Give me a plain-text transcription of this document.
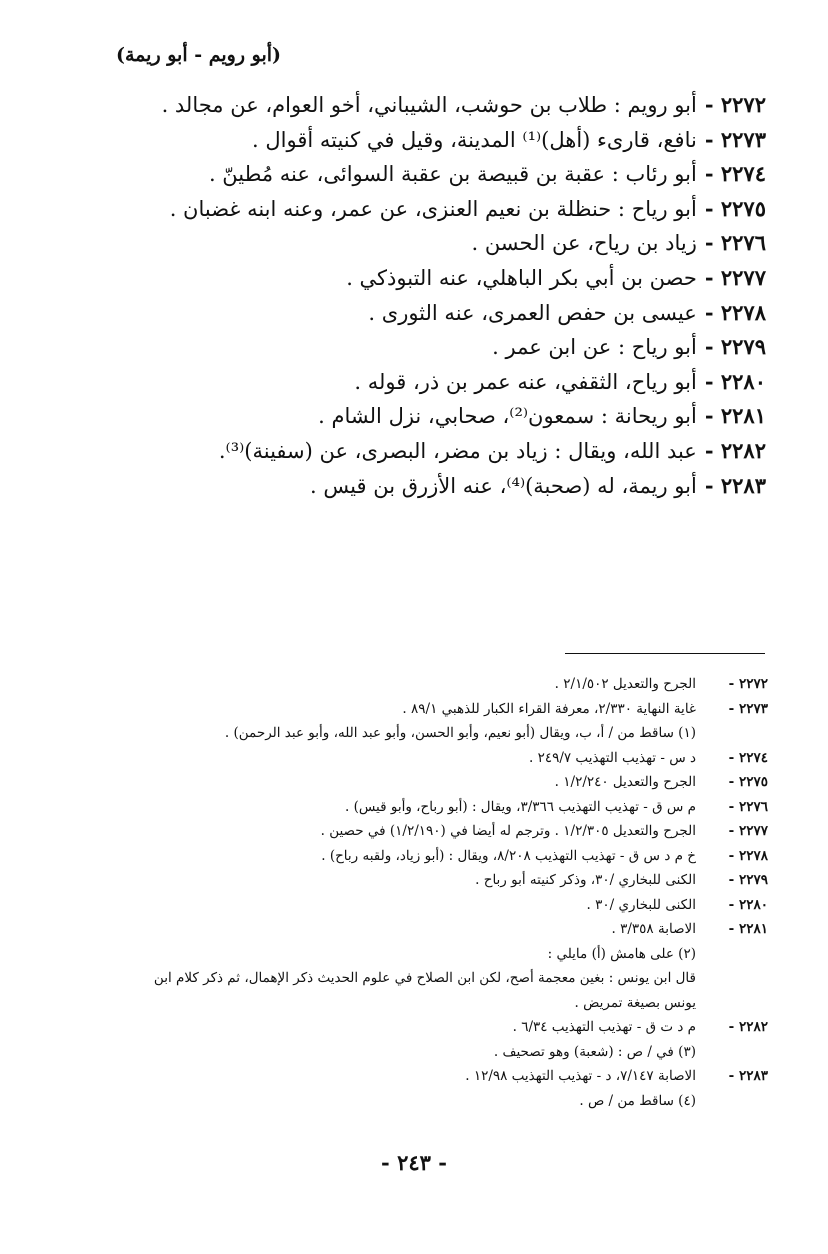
(أبو رويم - أبو ريمة)
٢٢٧٢ -أبو رويم : طلاب بن حوشب، الشيباني، أخو العوام، عن مجالد .
٢٢٧٣ -نافع، قارىء (أهل)⁽¹⁾ المدينة، وقيل في كنيته أقوال .
٢٢٧٤ -أبو رئاب : عقبة بن قبيصة بن عقبة السوائى، عنه مُطينّ .
٢٢٧٥ -أبو رياح : حنظلة بن نعيم العنزى، عن عمر، وعنه ابنه غضبان .
٢٢٧٦ -زياد بن رياح، عن الحسن .
٢٢٧٧ -حصن بن أبي بكر الباهلي، عنه التبوذكي .
٢٢٧٨ -عيسى بن حفص العمرى، عنه الثورى .
٢٢٧٩ -أبو رياح : عن ابن عمر .
٢٢٨٠ -أبو رياح، الثقفي، عنه عمر بن ذر، قوله .
٢٢٨١ -أبو ريحانة : سمعون⁽²⁾، صحابي، نزل الشام .
٢٢٨٢ -عبد الله، ويقال : زياد بن مضر، البصرى، عن (سفينة)⁽³⁾.
٢٢٨٣ -أبو ريمة، له (صحبة)⁽⁴⁾، عنه الأزرق بن قيس .
٢٢٧٢ -
الجرح والتعديل ٢/١/٥٠٢ .
٢٢٧٣ -
غاية النهاية ٢/٣٣٠، معرفة القراء الكبار للذهبي ٨٩/١ .
(١) ساقط من / أ، ب، ويقال (أبو نعيم، وأبو الحسن، وأبو عبد الله، وأبو عبد الرحمن) .
٢٢٧٤ -
د س - تهذيب التهذيب ٢٤٩/٧ .
٢٢٧٥ -
الجرح والتعديل ١/٢/٢٤٠ .
٢٢٧٦ -
م س ق - تهذيب التهذيب ٣/٣٦٦، ويقال : (أبو رباح، وأبو قيس) .
٢٢٧٧ -
الجرح والتعديل ١/٢/٣٠٥ . وترجم له أيضا في (١/٢/١٩٠) في حصين .
٢٢٧٨ -
خ م د س ق - تهذيب التهذيب ٨/٢٠٨، ويقال : (أبو زياد، ولقبه رباح) .
٢٢٧٩ -
الكنى للبخاري /٣٠، وذكر كنيته أبو رباح .
٢٢٨٠ -
الكنى للبخاري /٣٠ .
٢٢٨١ -
الاصابة ٣/٣٥٨ .
(٢) على هامش (أ) مايلي :
قال ابن يونس : بغين معجمة أصح، لكن ابن الصلاح في علوم الحديث ذكر الإهمال، ثم ذكر كلام ابن
يونس بصيغة تمريض .
٢٢٨٢ -
م د ت ق - تهذيب التهذيب ٦/٣٤ .
(٣) في / ص : (شعبة) وهو تصحيف .
٢٢٨٣ -
الاصابة ٧/١٤٧، د - تهذيب التهذيب ١٢/٩٨ .
(٤) ساقط من / ص .
- ٢٤٣ -
